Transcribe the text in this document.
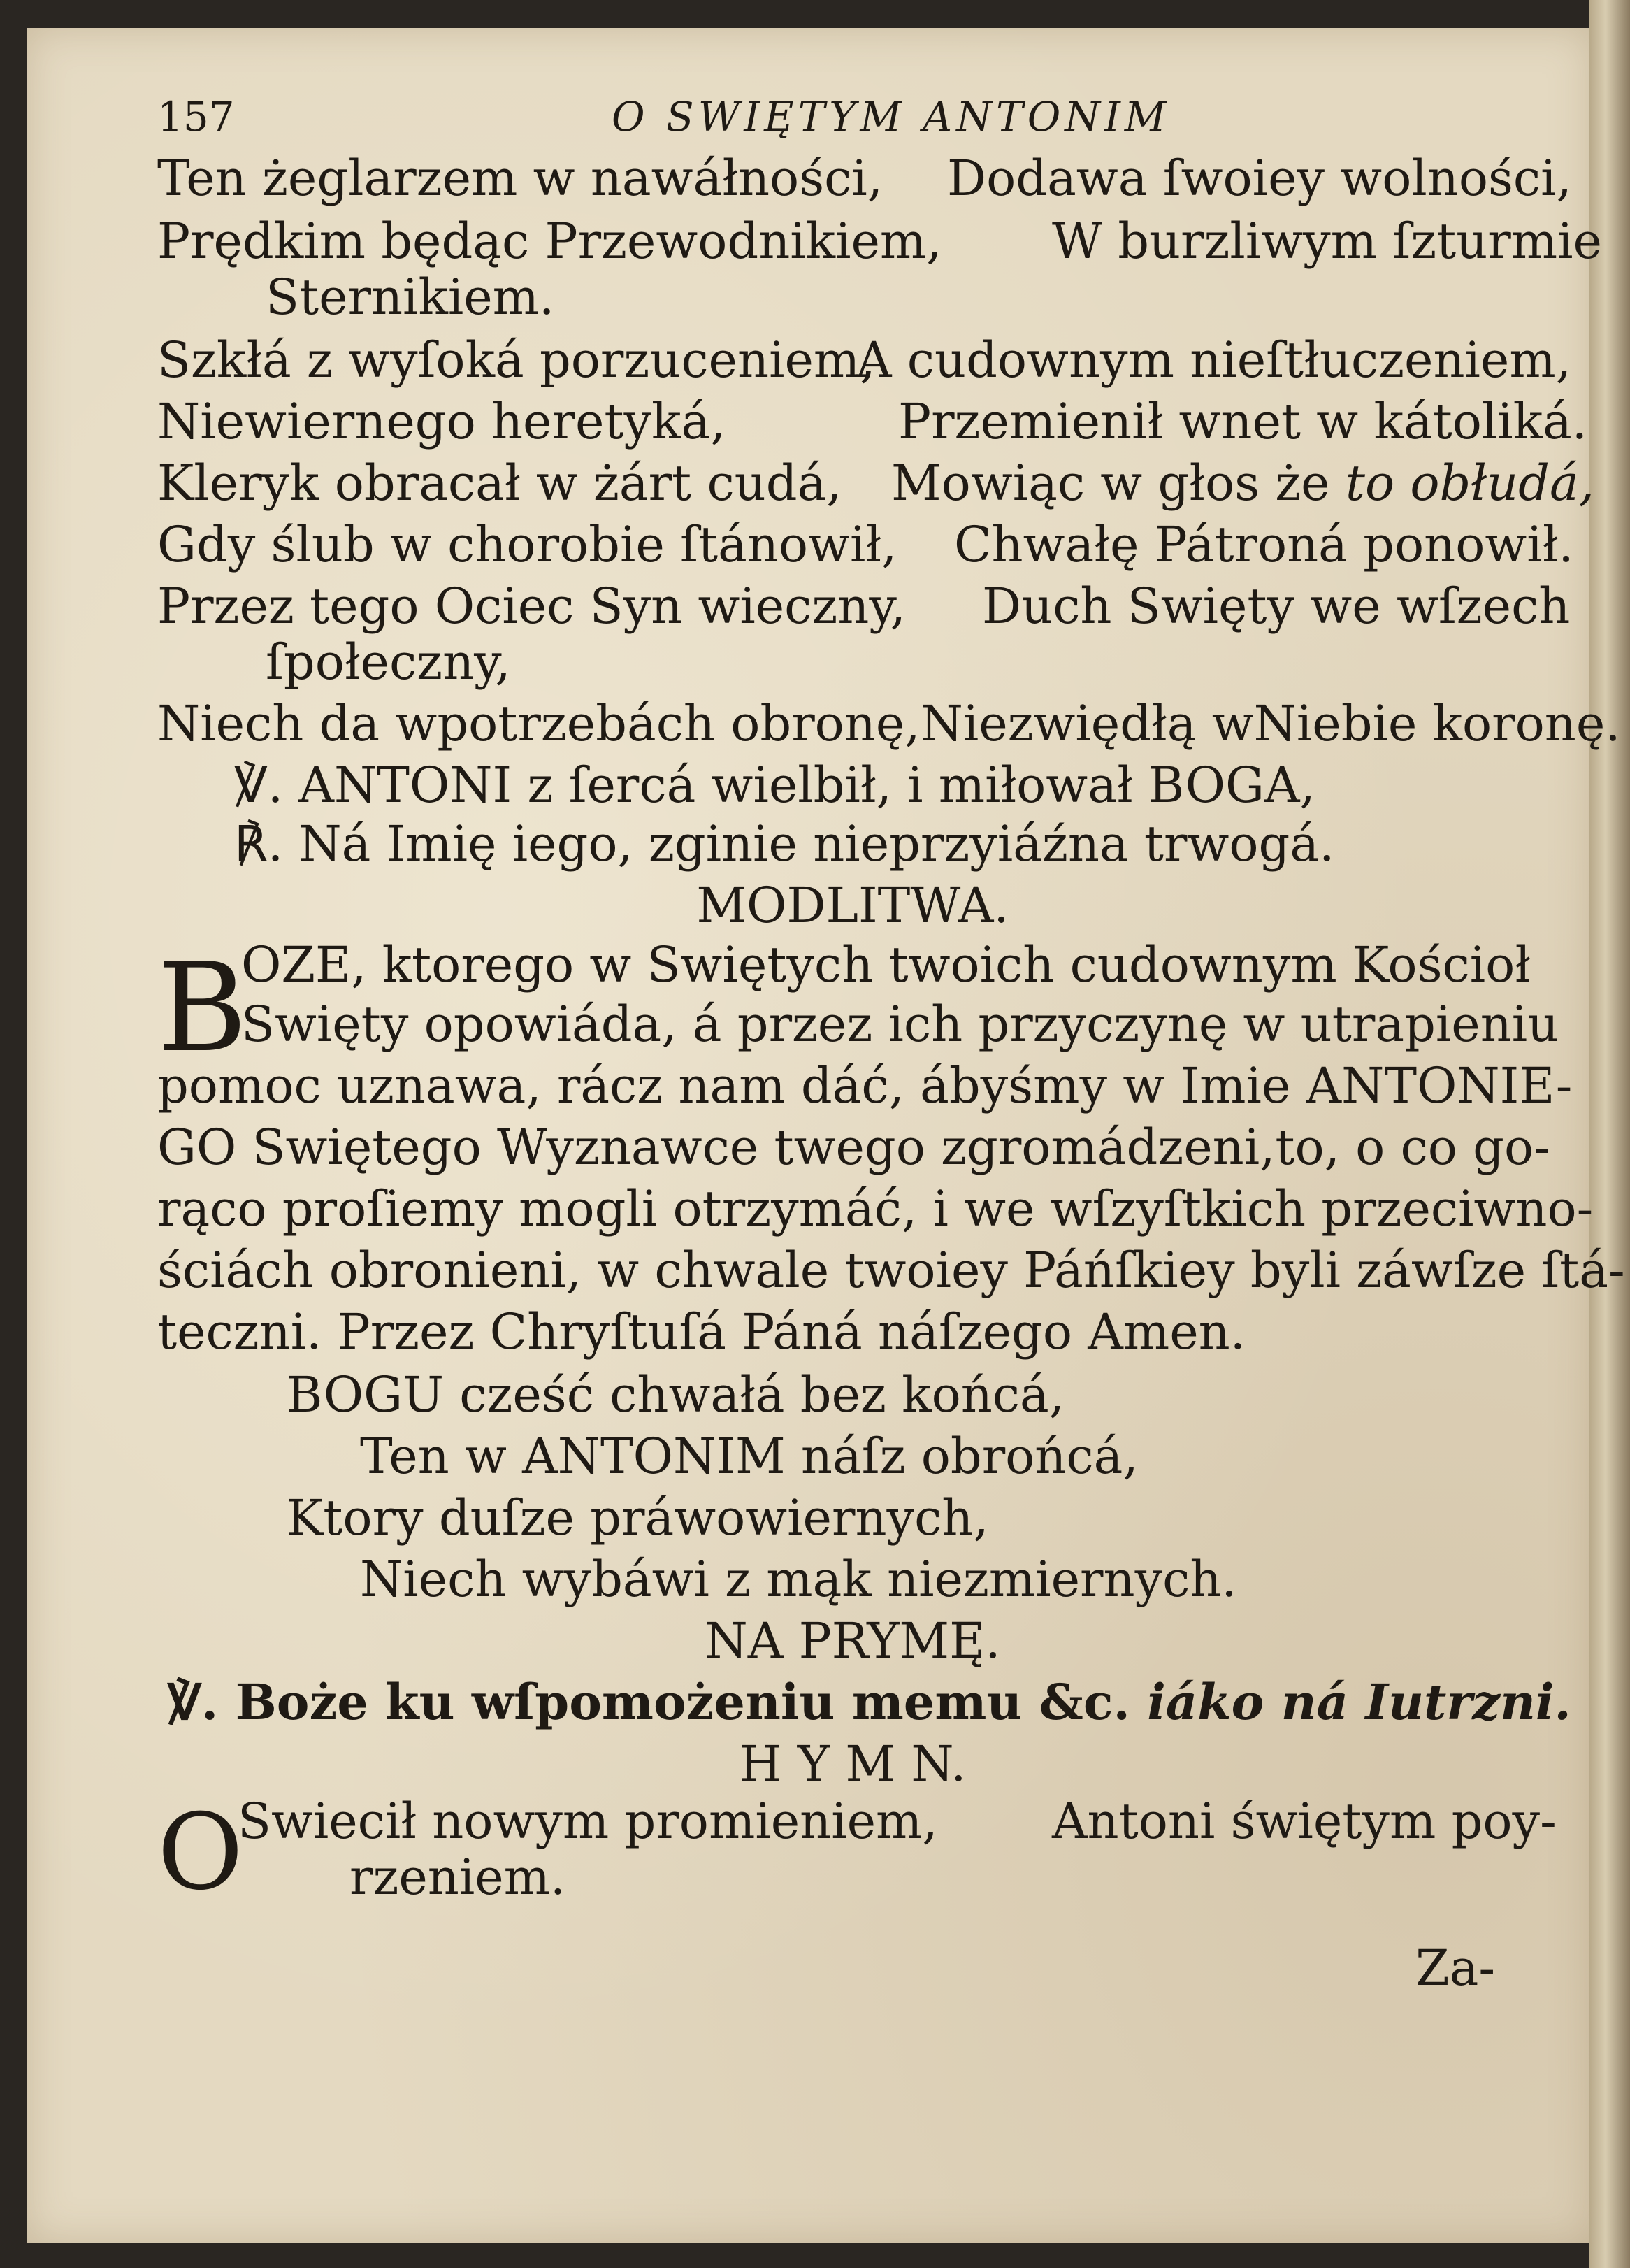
157	O SWIĘTYM ANTONIM
Ten żeglarzem w nawáłności, Dodawa ſwoiey wolności,
Prędkim będąc Przewodnikiem, W burzliwym ſzturmie
Sternikiem.
Szkłá z wyſoká porzuceniem,
A cudownym nieſtłuczeniem,
Niewiernego heretyká,	Przemienił wnet w kátoliká.
Kleryk obracał w żárt cudá, Mowiąc w głos że to obłudá,
Gdy ślub w chorobie ſtánowił, Chwałę Pátroná ponowił.
Przez tego Ociec Syn wieczny, Duch Swięty we wſzech
ſpołeczny,
Niech da wpotrzebách obronę,Niezwiędłą wNiebie koronę.
℣. ANTONI z ſercá wielbił, i miłował BOGA,
℟. Ná Imię iego, zginie nieprzyiáźna trwogá.
MODLITWA.
B
OZE, ktorego w Swiętych twoich cudownym Kościoł
Swięty opowiáda, á przez ich przyczynę w utrapieniu
pomoc uznawa, rácz nam dáć, ábyśmy w Imie ANTONIE-
GO Swiętego Wyznawce twego zgromádzeni,to, o co go-
rąco proſiemy mogli otrzymáć, i we wſzyſtkich przeciwno-
ściách obronieni, w chwale twoiey Páńſkiey byli záwſze ſtá-
teczni. Przez Chryſtuſá Páná náſzego Amen.
BOGU cześć chwałá bez końcá,
Ten w ANTONIM náſz obrońcá,
Ktory duſze práwowiernych,
Niech wybáwi z mąk niezmiernych.
NA PRYMĘ.
℣. Boże ku wſpomożeniu memu &c. iáko ná Iutrzni.
H Y M N.
O
Swiecił nowym promieniem, Antoni świętym poy-
rzeniem.
Za-
